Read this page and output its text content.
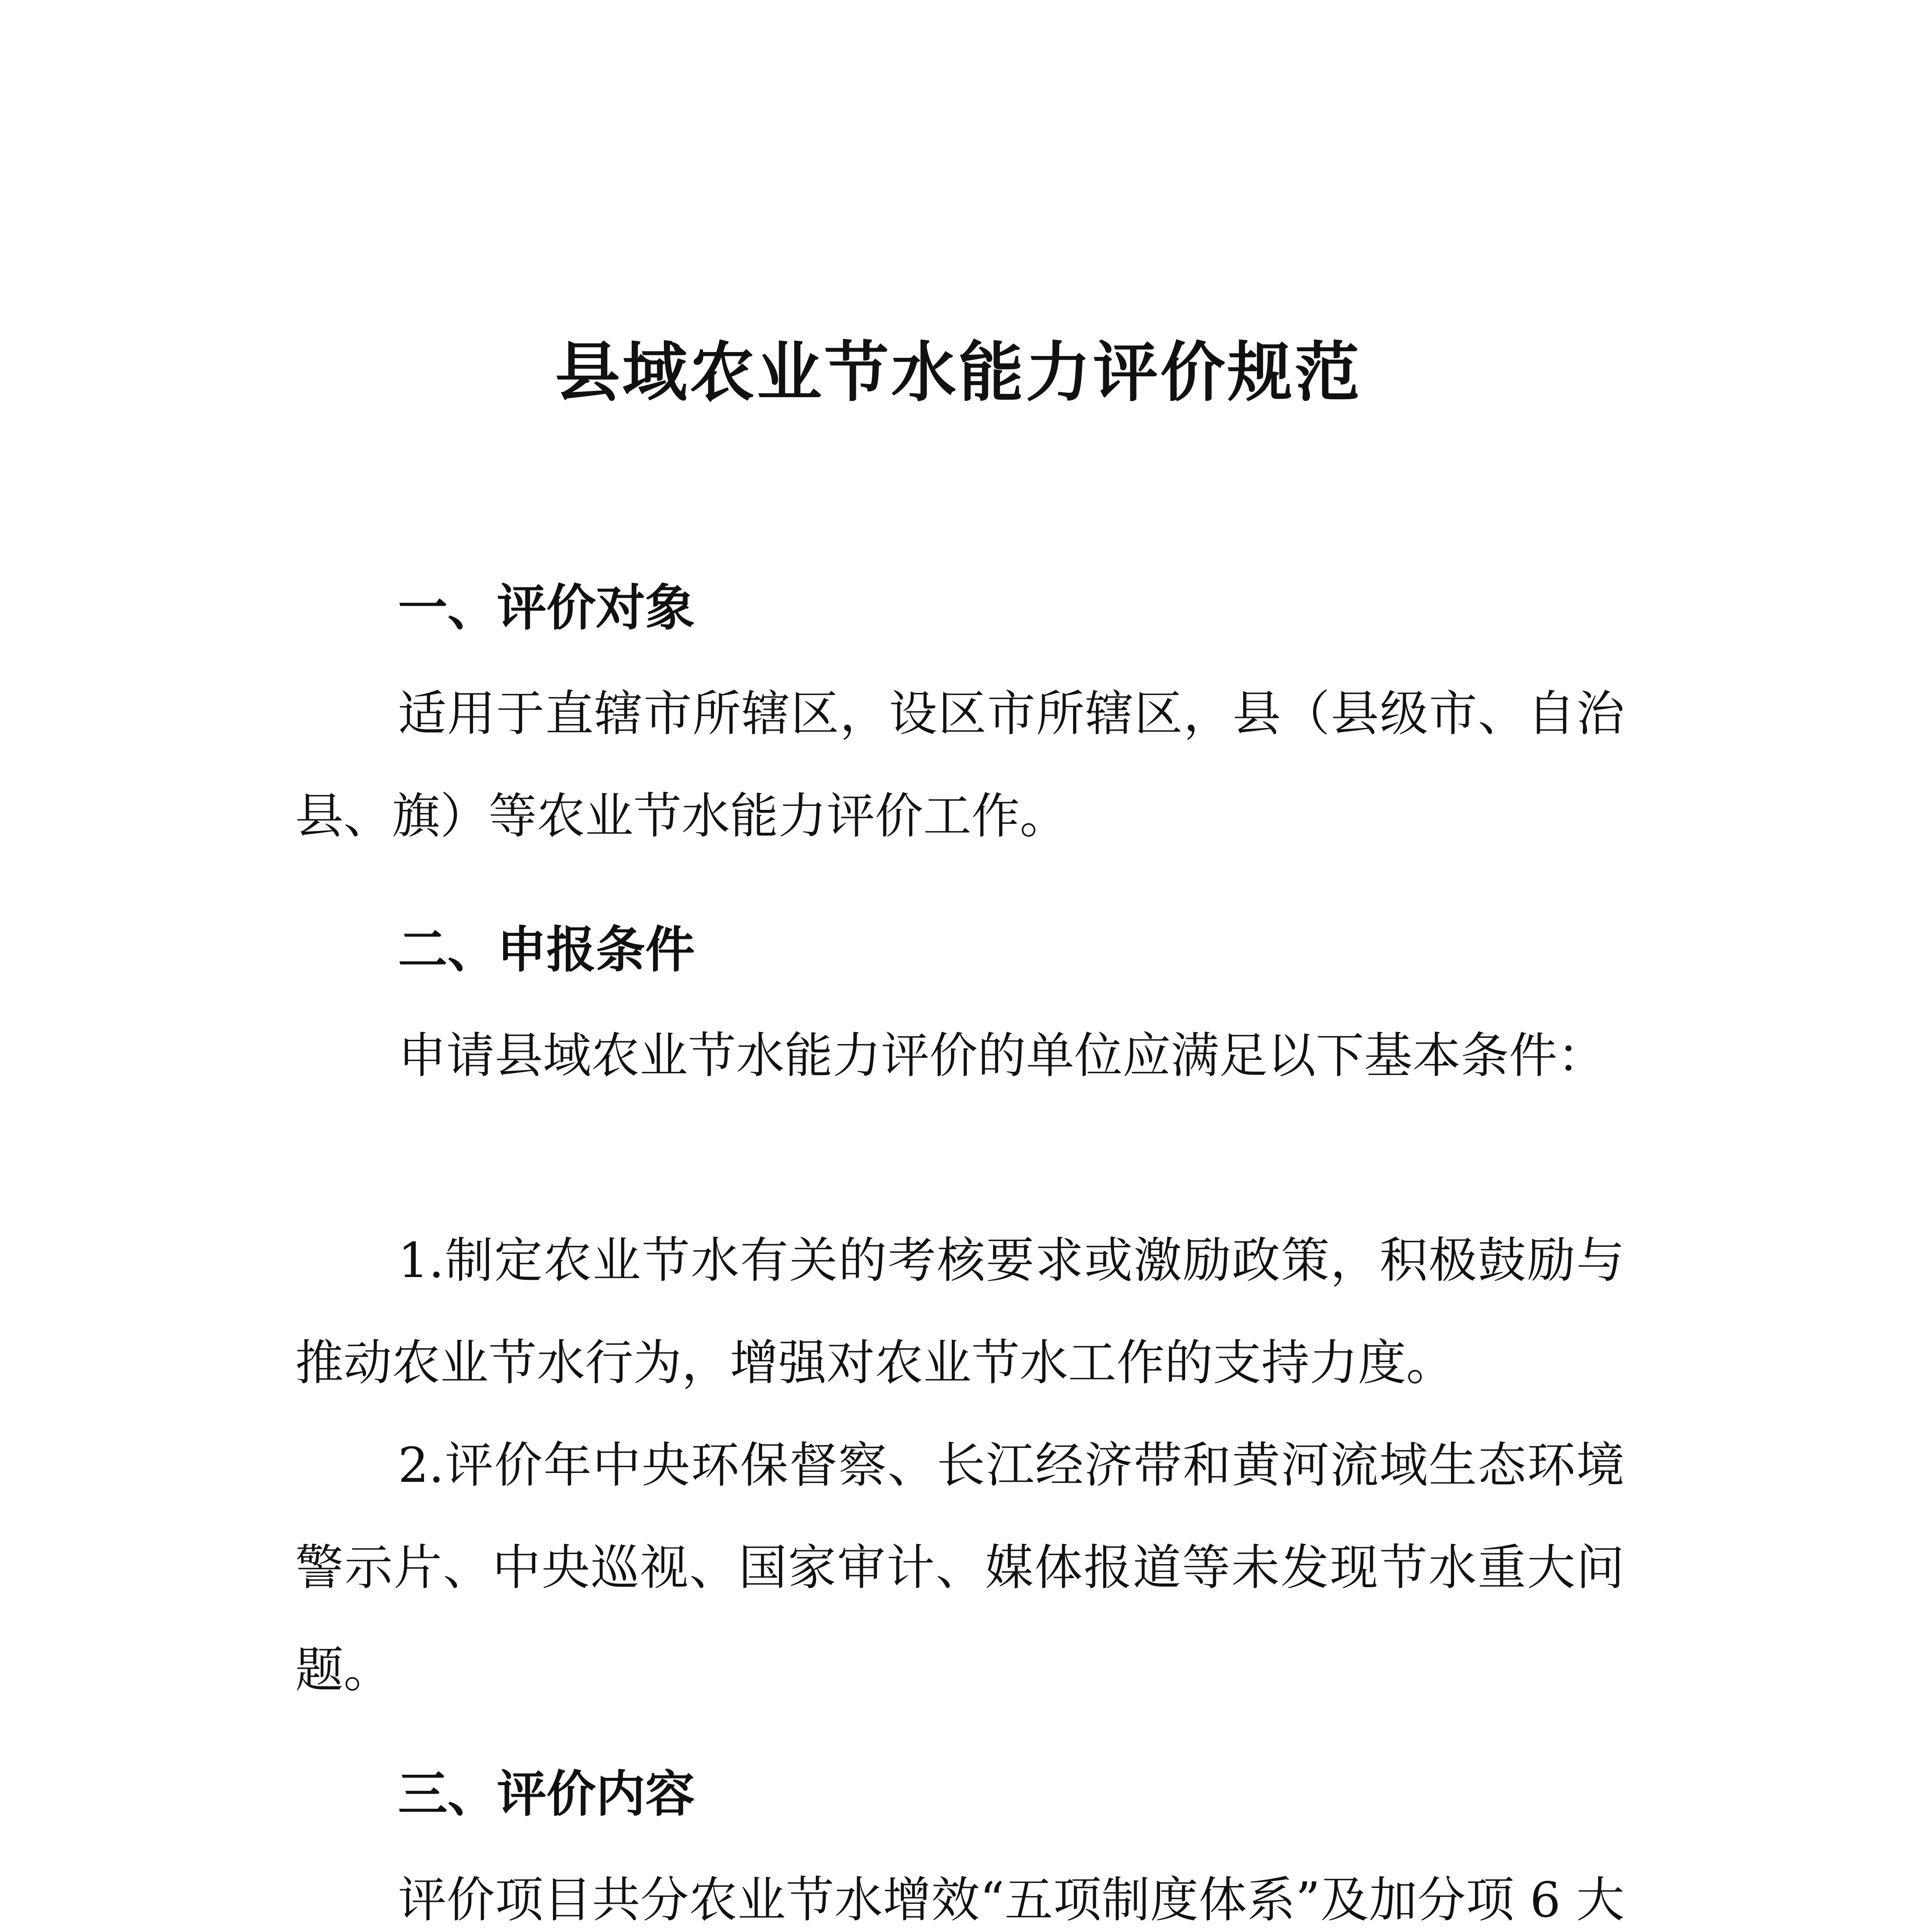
县域农业节水能力评价规范
一、评价对象

适用于直辖市所辖区，设区市所辖区，县（县级市、自治县、旗）等农业节水能力评价工作。

二、申报条件

申请县域农业节水能力评价的单位应满足以下基本条件：

1.制定农业节水有关的考核要求或激励政策，积极鼓励与推动农业节水行为，增强对农业节水工作的支持力度。

2.评价年中央环保督察、长江经济带和黄河流域生态环境警示片、中央巡视、国家审计、媒体报道等未发现节水重大问题。

三、评价内容

评价项目共分农业节水增效“五项制度体系”及加分项 6 大
